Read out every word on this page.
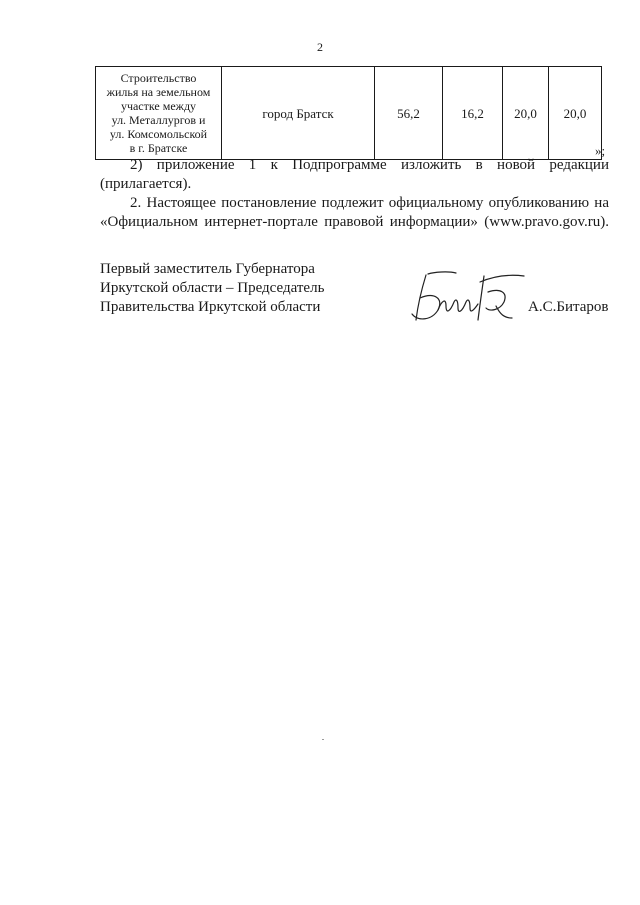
2
Строительство
жилья на земельном
участке между
ул. Металлургов и
ул. Комсомольской
в г. Братске
	город Братск	56,2	16,2	20,0	20,0
»;

2) приложение 1 к Подпрограмме изложить в новой редакции

(прилагается).

2. Настоящее постановление подлежит официальному опубликованию на

«Официальном интернет-портале правовой информации» (www.pravo.gov.ru).

Первый заместитель Губернатора
Иркутской области – Председатель
Правительства Иркутской области	А.С.Битаров
